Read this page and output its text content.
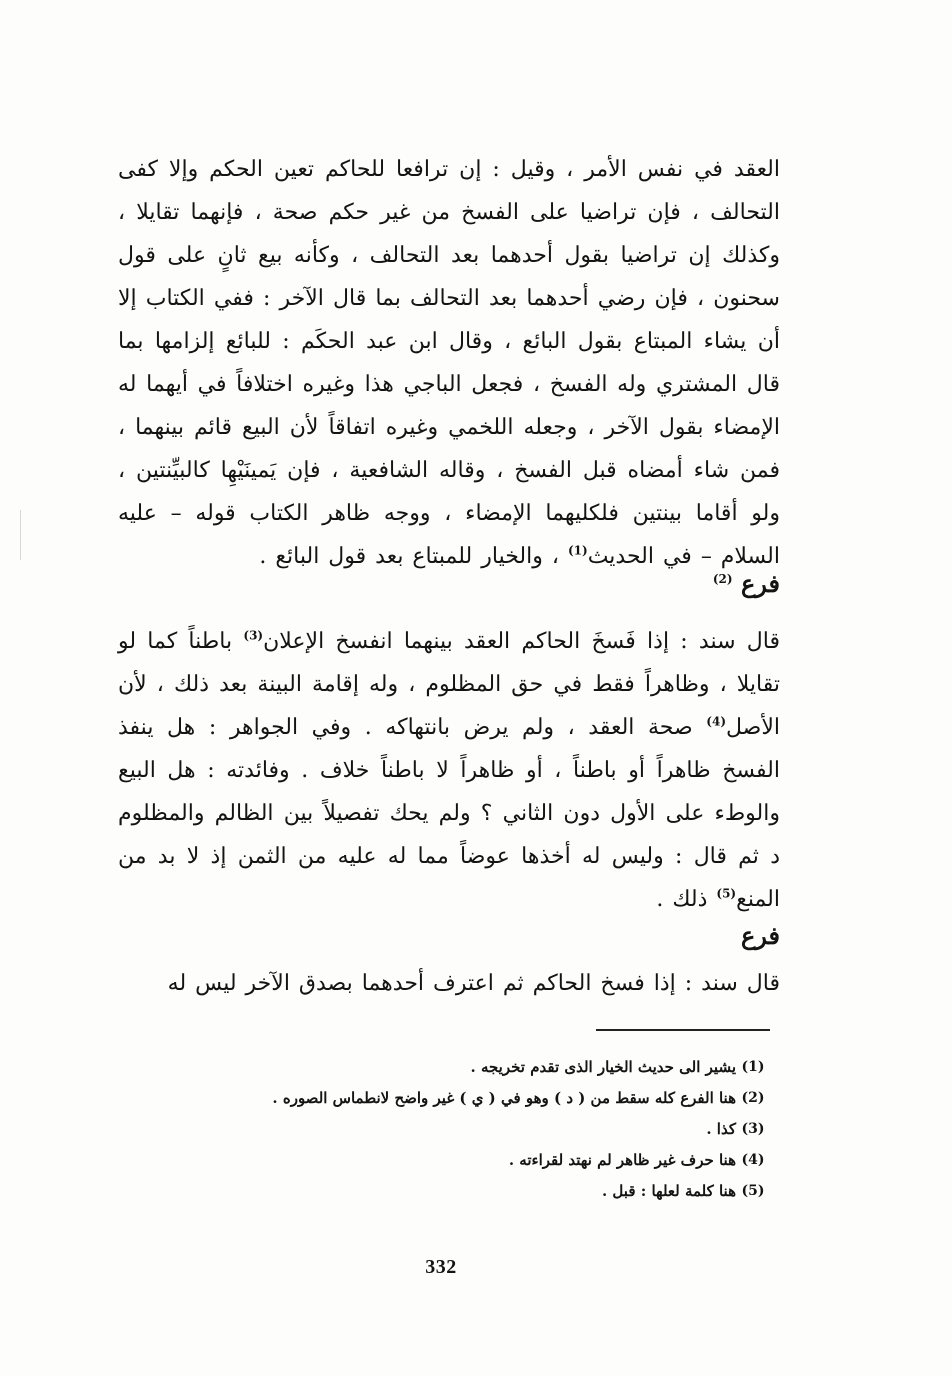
العقد في نفس الأمر ، وقيل : إن ترافعا للحاكم تعين الحكم وإلا كفى التحالف ، فإن تراضيا على الفسخ من غير حكم صحة ، فإنهما تقايلا ، وكذلك إن تراضيا بقول أحدهما بعد التحالف ، وكأنه بيع ثانٍ على قول سحنون ، فإن رضي أحدهما بعد التحالف بما قال الآخر : ففي الكتاب إلا أن يشاء المبتاع بقول البائع ، وقال ابن عبد الحكَم : للبائع إلزامها بما قال المشتري وله الفسخ ، فجعل الباجي هذا وغيره اختلافاً في أيهما له الإمضاء بقول الآخر ، وجعله اللخمي وغيره اتفاقاً لأن البيع قائم بينهما ، فمن شاء أمضاه قبل الفسخ ، وقاله الشافعية ، فإن يَمينَيْهِا كالبيِّنتين ، ولو أقاما بينتين فلكليهما الإمضاء ، ووجه ظاهر الكتاب قوله – عليه السلام – في الحديث$^{(1)}$ ، والخيار للمبتاع بعد قول البائع .

فرع $^{(2)}$

قال سند : إذا فَسخَ الحاكم العقد بينهما انفسخ الإعلان$^{(3)}$ باطناً كما لو تقايلا ، وظاهراً فقط في حق المظلوم ، وله إقامة البينة بعد ذلك ، لأن الأصل$^{(4)}$ صحة العقد ، ولم يرض بانتهاكه . وفي الجواهر : هل ينفذ الفسخ ظاهراً أو باطناً ، أو ظاهراً لا باطناً خلاف . وفائدته : هل البيع والوطء على الأول دون الثاني ؟ ولم يحك تفصيلاً بين الظالم والمظلوم د ثم قال : وليس له أخذها عوضاً مما له عليه من الثمن إذ لا بد من المنع$^{(5)}$ ذلك .

فرع

قال سند : إذا فسخ الحاكم ثم اعترف أحدهما بصدق الآخر ليس له

(1)
يشير الى حديث الخيار الذى تقدم تخريجه .
(2)
هنا الفرع كله سقط من ( د ) وهو في ( ي ) غير واضح لانطماس الصوره .
(3)
كذا .
(4)
هنا حرف غير ظاهر لم نهتد لقراءته .
(5)
هنا كلمة لعلها : قبل .
332
